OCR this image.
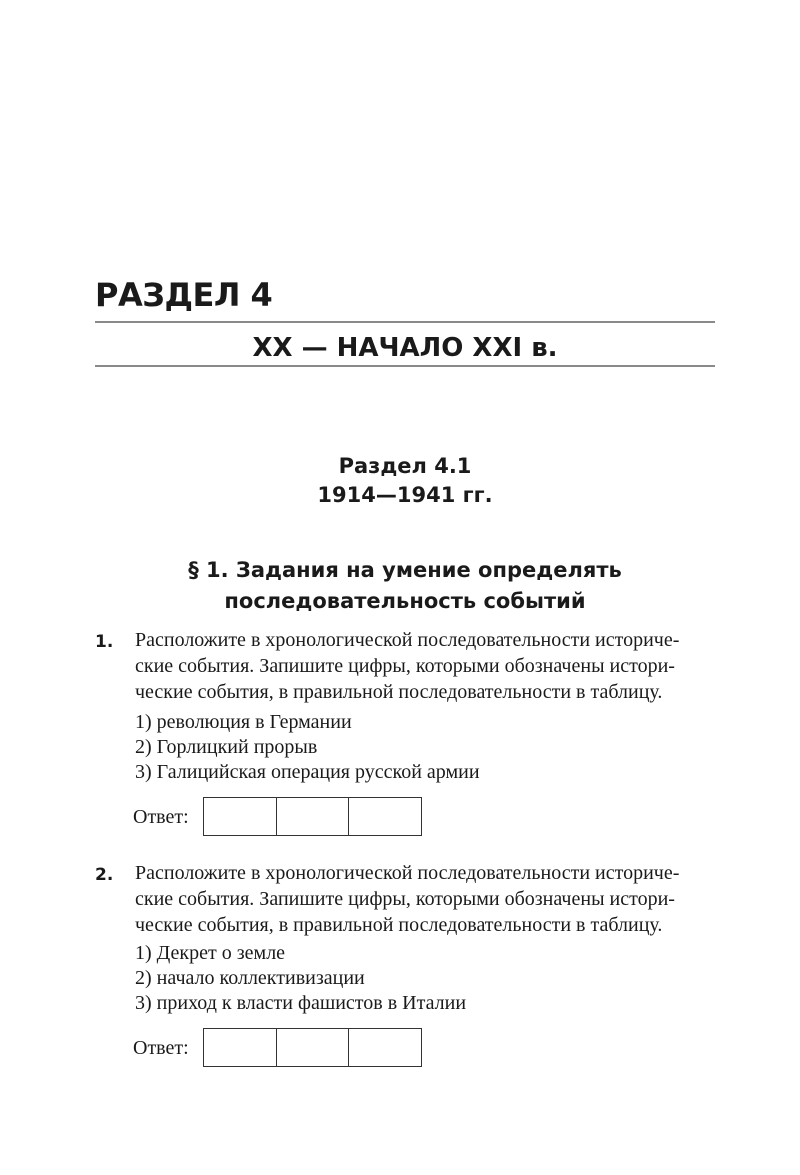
РАЗДЕЛ 4
XX — НАЧАЛО XXI в.
Раздел 4.1
1914—1941 гг.
§ 1. Задания на умение определять
последовательность событий
1. Расположите в хронологической последовательности историче-
ские события. Запишите цифры, которыми обозначены истори-
ческие события, в правильной последовательности в таблицу.
1) революция в Германии
2) Горлицкий прорыв
3) Галицийская операция русской армии
Ответ:
2. Расположите в хронологической последовательности историче-
ские события. Запишите цифры, которыми обозначены истори-
ческие события, в правильной последовательности в таблицу.
1) Декрет о земле
2) начало коллективизации
3) приход к власти фашистов в Италии
Ответ:
